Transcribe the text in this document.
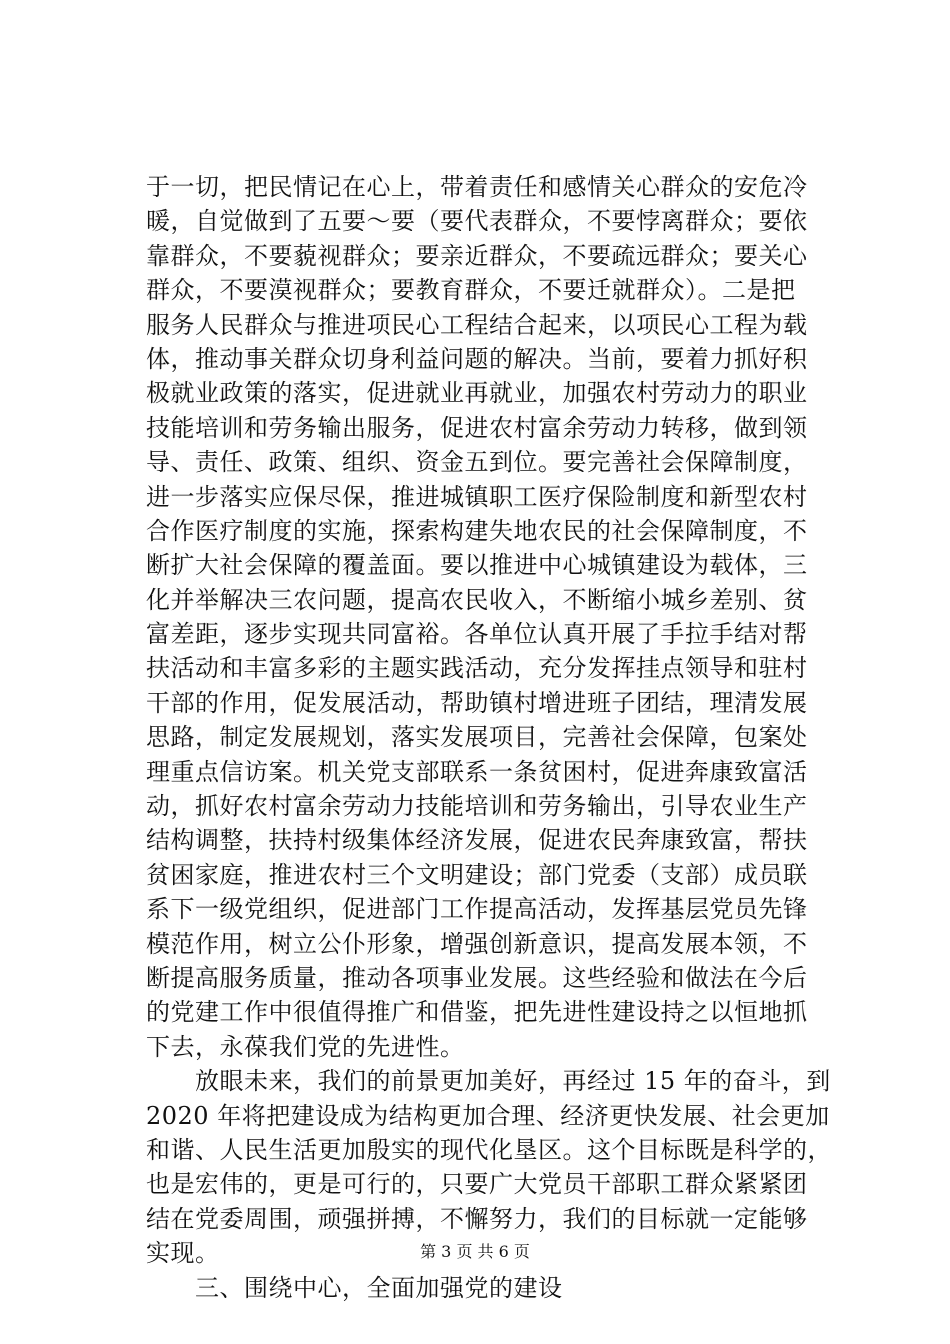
于一切，把民情记在心上，带着责任和感情关心群众的安危冷
暖，自觉做到了五要～要（要代表群众，不要悖离群众；要依
靠群众，不要藐视群众；要亲近群众，不要疏远群众；要关心
群众，不要漠视群众；要教育群众，不要迁就群众）。二是把
服务人民群众与推进项民心工程结合起来，以项民心工程为载
体，推动事关群众切身利益问题的解决。当前，要着力抓好积
极就业政策的落实，促进就业再就业，加强农村劳动力的职业
技能培训和劳务输出服务，促进农村富余劳动力转移，做到领
导、责任、政策、组织、资金五到位。要完善社会保障制度，
进一步落实应保尽保，推进城镇职工医疗保险制度和新型农村
合作医疗制度的实施，探索构建失地农民的社会保障制度，不
断扩大社会保障的覆盖面。要以推进中心城镇建设为载体，三
化并举解决三农问题，提高农民收入，不断缩小城乡差别、贫
富差距，逐步实现共同富裕。各单位认真开展了手拉手结对帮
扶活动和丰富多彩的主题实践活动，充分发挥挂点领导和驻村
干部的作用，促发展活动，帮助镇村增进班子团结，理清发展
思路，制定发展规划，落实发展项目，完善社会保障，包案处
理重点信访案。机关党支部联系一条贫困村，促进奔康致富活
动，抓好农村富余劳动力技能培训和劳务输出，引导农业生产
结构调整，扶持村级集体经济发展，促进农民奔康致富，帮扶
贫困家庭，推进农村三个文明建设；部门党委（支部）成员联
系下一级党组织，促进部门工作提高活动，发挥基层党员先锋
模范作用，树立公仆形象，增强创新意识，提高发展本领，不
断提高服务质量，推动各项事业发展。这些经验和做法在今后
的党建工作中很值得推广和借鉴，把先进性建设持之以恒地抓
下去，永葆我们党的先进性。
　　放眼未来，我们的前景更加美好，再经过 15 年的奋斗，到
2020 年将把建设成为结构更加合理、经济更快发展、社会更加
和谐、人民生活更加殷实的现代化垦区。这个目标既是科学的，
也是宏伟的，更是可行的，只要广大党员干部职工群众紧紧团
结在党委周围，顽强拼搏，不懈努力，我们的目标就一定能够
实现。
　　三、围绕中心，全面加强党的建设
第 3 页 共 6 页
